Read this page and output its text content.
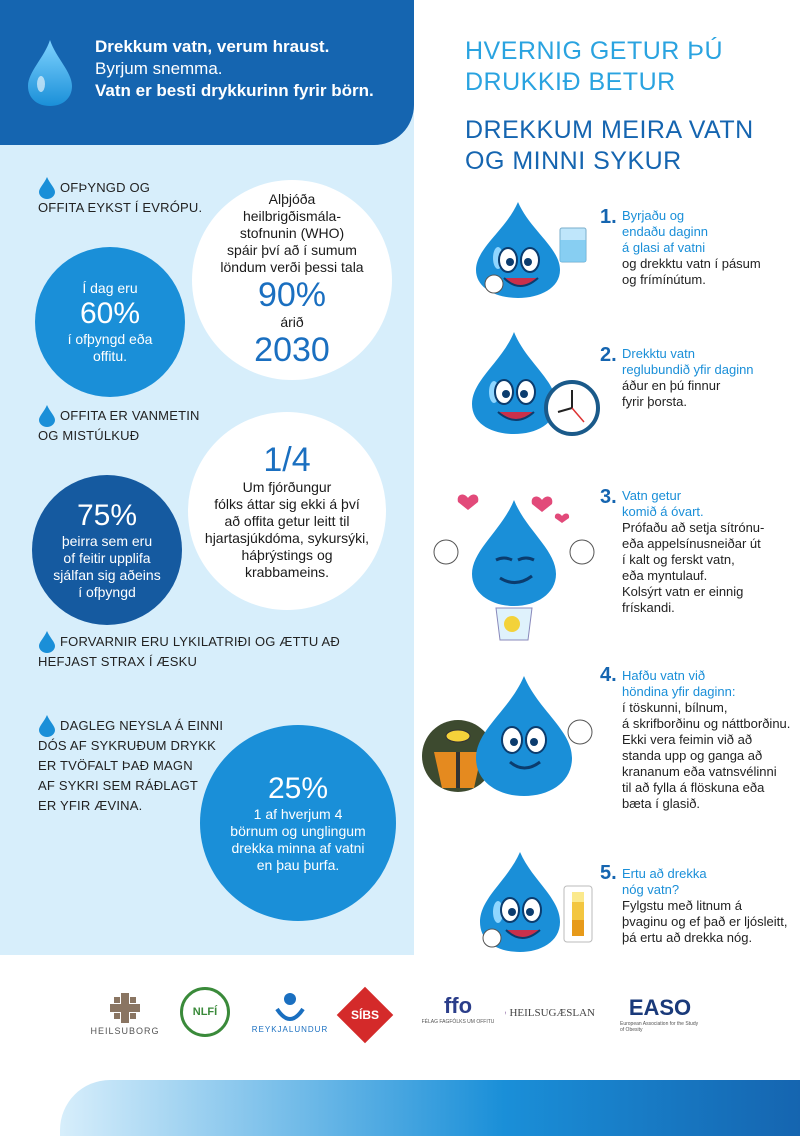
Drekkum vatn, verum hraust.
Byrjum snemma.
Vatn er besti drykkurinn fyrir börn.
OFÞYNGD OG
OFFITA EYKST Í EVRÓPU.
Í dag eru
60%
í ofþyngd eða
offitu.
Alþjóða
heilbrigðismála-
stofnunin (WHO)
spáir því að í sumum
löndum verði þessi tala
90%
árið
2030
OFFITA ER VANMETIN
OG MISTÚLKUÐ
75%
þeirra sem eru
of feitir upplifa
sjálfan sig aðeins
í ofþyngd
1/4
Um fjórðungur
fólks áttar sig ekki á því
að offita getur leitt til
hjartasjúkdóma, sykursýki,
háþrýstings og
krabbameins.
FORVARNIR ERU LYKILATRIÐI OG ÆTTU AÐ
HEFJAST STRAX Í ÆSKU
DAGLEG NEYSLA Á EINNI
DÓS AF SYKRUÐUM DRYKK
ER TVÖFALT ÞAÐ MAGN
AF SYKRI SEM RÁÐLAGT
ER YFIR ÆVINA.
25%
1 af hverjum 4
börnum og unglingum
drekka minna af vatni
en þau þurfa.
HVERNIG GETUR ÞÚ
DRUKKIÐ BETUR
DREKKUM MEIRA VATN
OG MINNI SYKUR
1. Byrjaðu og
endaðu daginn
á glasi af vatni
og drekktu vatn í pásum
og frímínútum.
2. Drekktu vatn
reglubundið yfir daginn
áður en þú finnur
fyrir þorsta.
3. Vatn getur
komið á óvart.
Prófaðu að setja sítrónu-
eða appelsínusneiðar út
í kalt og ferskt vatn,
eða myntulauf.
Kolsýrt vatn er einnig
frískandi.
4. Hafðu vatn við
höndina yfir daginn:
í töskunni, bílnum,
á skrifborðinu og náttborðinu.
Ekki vera feimin við að
standa upp og ganga að
krananum eða vatnsvélinni
til að fylla á flöskuna eða
bæta í glasið.
5. Ertu að drekka
nóg vatn?
Fylgstu með litnum á
þvaginu og ef það er ljósleitt,
þá ertu að drekka nóg.
HEILSUBORG
NLFÍ
REYKJALUNDUR
SÍBS	ffo
FÉLAG FAGFÓLKS UM OFFITU
HEILSUGÆSLAN EASO
European Association for the Study of Obesity
